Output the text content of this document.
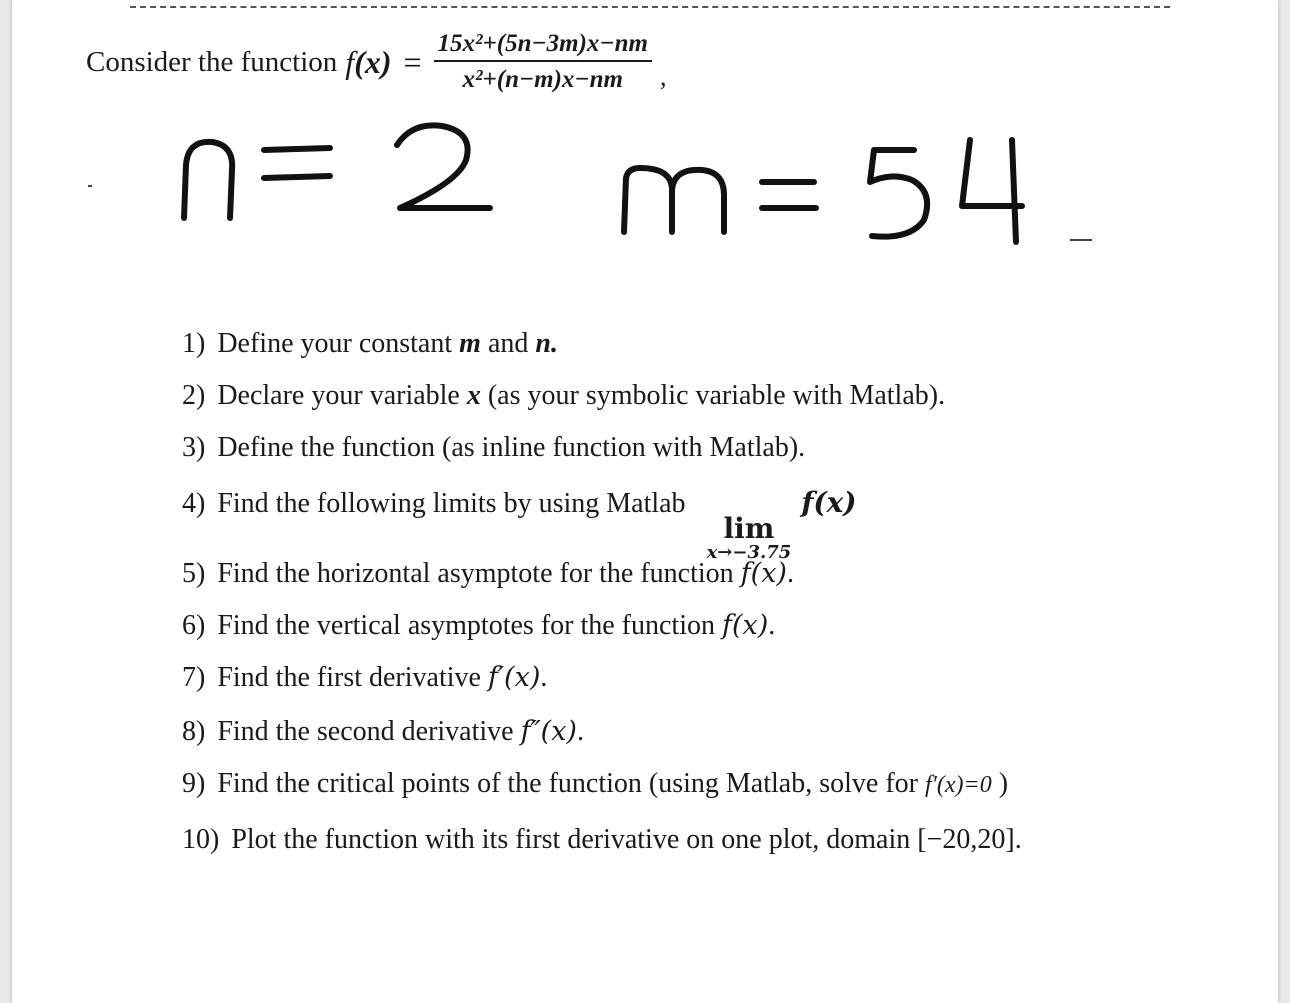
Consider the function $f(x) = \frac{\text{15x²+(5n−3m)x−nm}}{\text{x²+(n−m)x−nm}}$ ,
1) Define your constant m and n.
2) Declare your variable x (as your symbolic variable with Matlab).
3) Define the function (as inline function with Matlab).
4) Find the following limits by using Matlab
lim
x→−3.75
f(x)
5) Find the horizontal asymptote for the function f(x).
6) Find the vertical asymptotes for the function f(x).
7) Find the first derivative f′(x).
8) Find the second derivative f″(x).
9) Find the critical points of the function (using Matlab, solve for f′(x)=0 )
10) Plot the function with its first derivative on one plot, domain [−20,20].
